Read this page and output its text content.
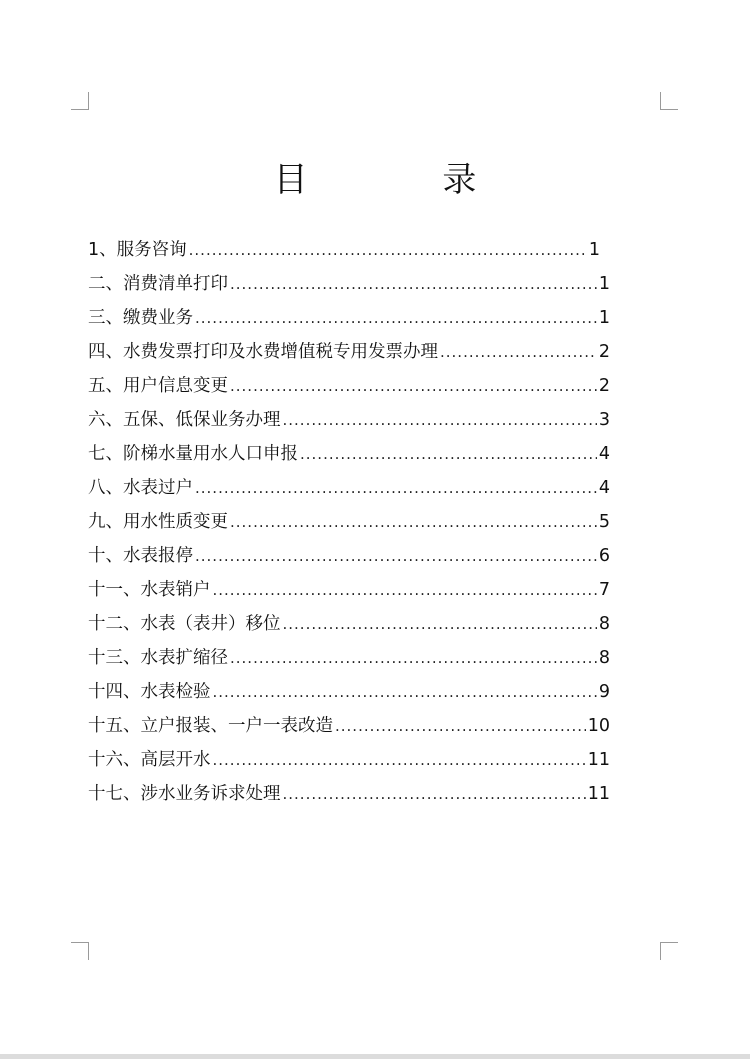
目 录
1、服务咨询 .....	1
二、消费清单打印 .....	1
三、缴费业务 .....	1
四、水费发票打印及水费增值税专用发票办理 .....	2
五、用户信息变更 .....	2
六、五保、低保业务办理 .....	3
七、阶梯水量用水人口申报 .....	4
八、水表过户 .....	4
九、用水性质变更 .....	5
十、水表报停 .....	6
十一、水表销户 .....	7
十二、水表（表井）移位 .....	8
十三、水表扩缩径 .....	8
十四、水表检验 .....	9
十五、立户报装、一户一表改造 .....	10
十六、高层开水 .....	11
十七、涉水业务诉求处理 .....	11
